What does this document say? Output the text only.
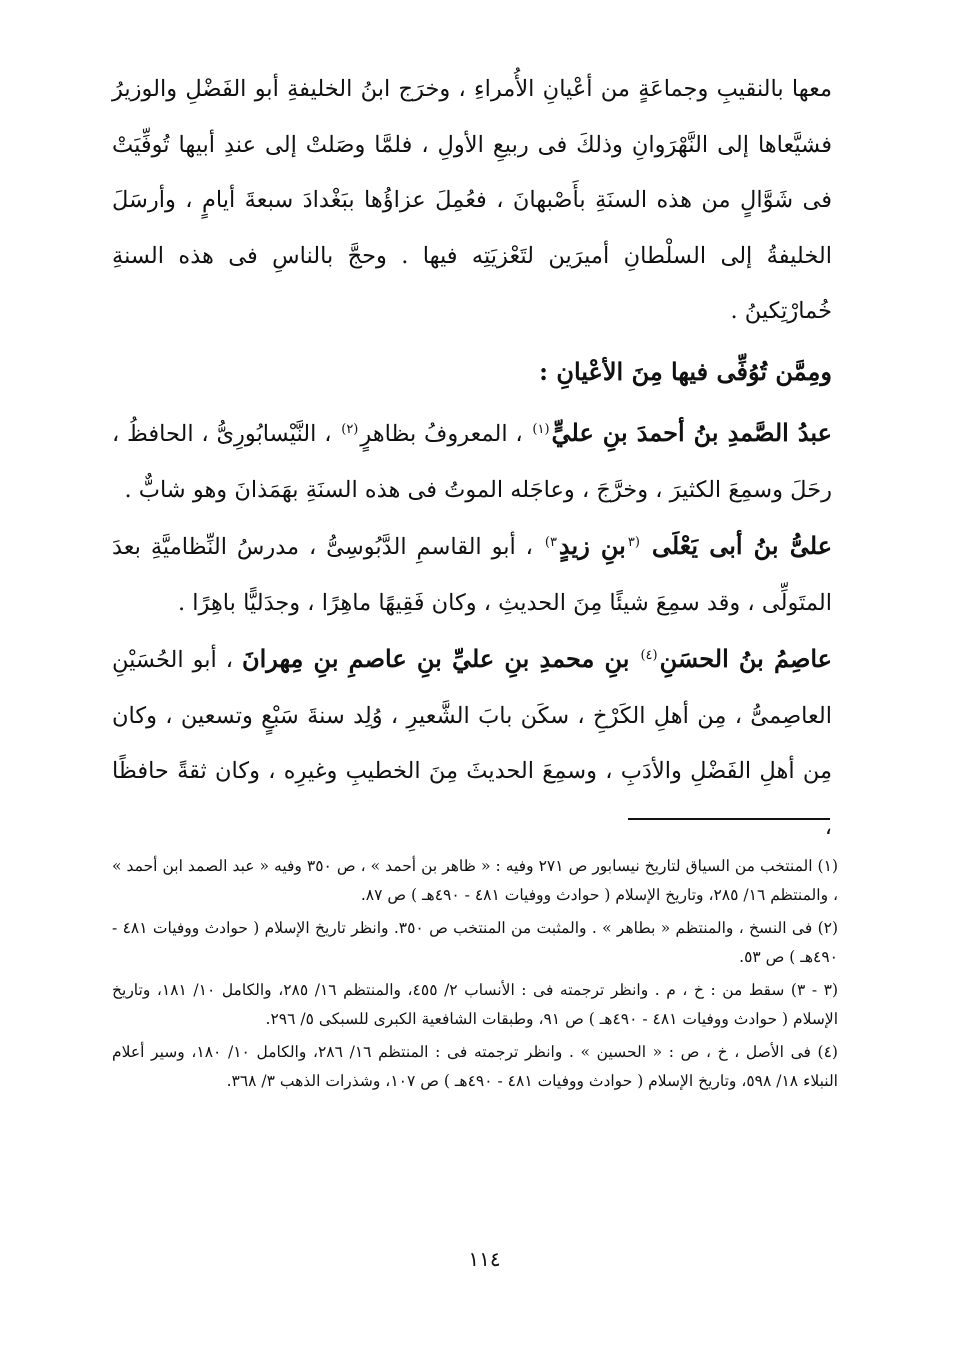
معها بالنقيبِ وجماعَةٍ من أعْيانِ الأُمراءِ ، وخرَج ابنُ الخليفةِ أبو الفَضْلِ والوزيرُ فشيَّعاها إلى النَّهْرَوانِ وذلكَ فى ربيعِ الأولِ ، فلمَّا وصَلتْ إلى عندِ أبيها تُوفِّيَتْ فى شَوَّالٍ من هذه السنَةِ بأَصْبهانَ ، فعُمِلَ عزاؤُها ببَغْدادَ سبعةَ أيامٍ ، وأرسَلَ الخليفةُ إلى السلْطانِ أميرَين لتَعْزيَتِه فيها . وحجَّ بالناسِ فى هذه السنةِ خُمارْتِكينُ .

ومِمَّن تُوُفِّى فيها مِنَ الأعْيانِ :

عبدُ الصَّمدِ بنُ أحمدَ بنِ عليٍّ$^{(١)}$ ، المعروفُ بظاهرٍ$^{(٢)}$ ، النَّيْسابُورِىُّ ، الحافظُ ، رحَلَ وسمِعَ الكثيرَ ، وخرَّجَ ، وعاجَله الموتُ فى هذه السنَةِ بهَمَذانَ وهو شابٌّ .

علىُّ بنُ أبى يَعْلَى $^{(٣}$بنِ زيدٍ$^{٣)}$ ، أبو القاسمِ الدَّبُوسِىُّ ، مدرسُ النِّظاميَّةِ بعدَ المتَولِّى ، وقد سمِعَ شيئًا مِنَ الحديثِ ، وكان فَقِيهًا ماهِرًا ، وجدَليًّا باهِرًا .

عاصِمُ بنُ الحسَنِ$^{(٤)}$ بنِ محمدِ بنِ عليِّ بنِ عاصمِ بنِ مِهرانَ ، أبو الحُسَيْنِ العاصِمىُّ ، مِن أهلِ الكَرْخِ ، سكَن بابَ الشَّعيرِ ، وُلِد سنةَ سَبْعٍ وتسعين ، وكان مِن أهلِ الفَضْلِ والأدَبِ ، وسمِعَ الحديثَ مِنَ الخطيبِ وغيرِه ، وكان ثقةً حافظًا ،

(١) المنتخب من السياق لتاريخ نيسابور ص ٢٧١ وفيه : « ظاهر بن أحمد » ، ص ٣٥٠ وفيه « عبد الصمد ابن أحمد » ، والمنتظم ١٦/ ٢٨٥، وتاريخ الإسلام ( حوادث ووفيات ٤٨١ - ٤٩٠هـ ) ص ٨٧.

(٢) فى النسخ ، والمنتظم « بطاهر » . والمثبت من المنتخب ص ٣٥٠. وانظر تاريخ الإسلام ( حوادث ووفيات ٤٨١ - ٤٩٠هـ ) ص ٥٣.

(٣ - ٣) سقط من : خ ، م . وانظر ترجمته فى : الأنساب ٢/ ٤٥٥، والمنتظم ١٦/ ٢٨٥، والكامل ١٠/ ١٨١، وتاريخ الإسلام ( حوادث ووفيات ٤٨١ - ٤٩٠هـ ) ص ٩١، وطبقات الشافعية الكبرى للسبكى ٥/ ٢٩٦.

(٤) فى الأصل ، خ ، ص : « الحسين » . وانظر ترجمته فى : المنتظم ١٦/ ٢٨٦، والكامل ١٠/ ١٨٠، وسير أعلام النبلاء ١٨/ ٥٩٨، وتاريخ الإسلام ( حوادث ووفيات ٤٨١ - ٤٩٠هـ ) ص ١٠٧، وشذرات الذهب ٣/ ٣٦٨.

١١٤
